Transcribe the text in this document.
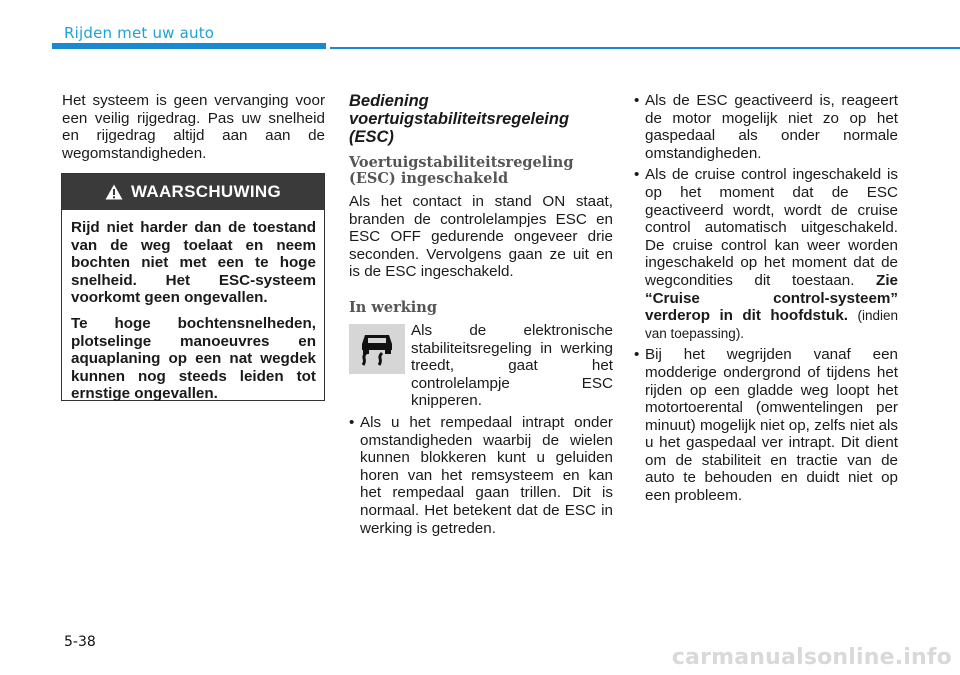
Rijden met uw auto

Het systeem is geen vervanging voor een veilig rijgedrag. Pas uw snelheid en rijgedrag altijd aan aan de wegomstandigheden.

WAARSCHUWING

Rijd niet harder dan de toestand van de weg toelaat en neem bochten niet met een te hoge snelheid. Het ESC-systeem voorkomt geen ongevallen.

Te hoge bochtensnelheden, plotselinge manoeuvres en aquaplaning op een nat wegdek kunnen nog steeds leiden tot ernstige ongevallen.

Bediening voertuigstabiliteitsregeleing (ESC)
Voertuigstabiliteitsregeling (ESC) ingeschakeld

Als het contact in stand ON staat, branden de controlelampjes ESC en ESC OFF gedurende ongeveer drie seconden. Vervolgens gaan ze uit en is de ESC ingeschakeld.

In werking

Als de elektronische stabiliteitsregeling in werking treedt, gaat het controlelampje ESC knipperen.

• Als u het rempedaal intrapt onder omstandigheden waarbij de wielen kunnen blokkeren kunt u geluiden horen van het remsysteem en kan het rempedaal gaan trillen. Dit is normaal. Het betekent dat de ESC in werking is getreden.

• Als de ESC geactiveerd is, reageert de motor mogelijk niet zo op het gaspedaal als onder normale omstandigheden.

• Als de cruise control ingeschakeld is op het moment dat de ESC geactiveerd wordt, wordt de cruise control automatisch uitgeschakeld. De cruise control kan weer worden ingeschakeld op het moment dat de wegcondities dit toestaan. Zie “Cruise control-systeem” verderop in dit hoofdstuk. (indien van toepassing).

• Bij het wegrijden vanaf een modderige ondergrond of tijdens het rijden op een gladde weg loopt het motortoerental (omwentelingen per minuut) mogelijk niet op, zelfs niet als u het gaspedaal ver intrapt. Dit dient om de stabiliteit en tractie van de auto te behouden en duidt niet op een probleem.

5-38
carmanualsonline.info
